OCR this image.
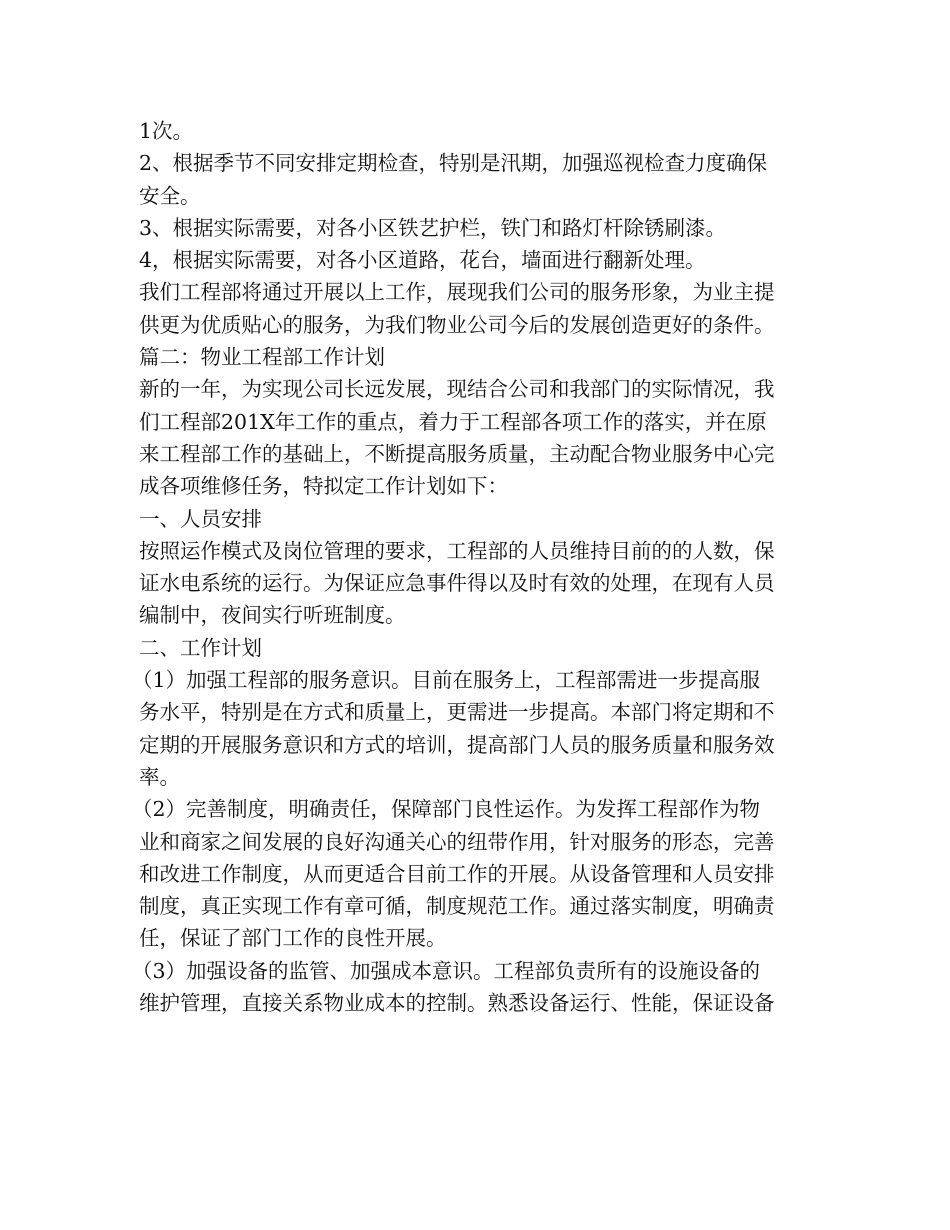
1次。
2、根据季节不同安排定期检查，特别是汛期，加强巡视检查力度确保
安全。
3、根据实际需要，对各小区铁艺护栏，铁门和路灯杆除锈刷漆。
4，根据实际需要，对各小区道路，花台，墙面进行翻新处理。
我们工程部将通过开展以上工作，展现我们公司的服务形象，为业主提
供更为优质贴心的服务，为我们物业公司今后的发展创造更好的条件。
篇二：物业工程部工作计划
新的一年，为实现公司长远发展，现结合公司和我部门的实际情况，我
们工程部201X年工作的重点，着力于工程部各项工作的落实，并在原
来工程部工作的基础上，不断提高服务质量，主动配合物业服务中心完
成各项维修任务，特拟定工作计划如下：
一、人员安排
按照运作模式及岗位管理的要求，工程部的人员维持目前的的人数，保
证水电系统的运行。为保证应急事件得以及时有效的处理，在现有人员
编制中，夜间实行听班制度。
二、工作计划
（1）加强工程部的服务意识。目前在服务上，工程部需进一步提高服
务水平，特别是在方式和质量上，更需进一步提高。本部门将定期和不
定期的开展服务意识和方式的培训，提高部门人员的服务质量和服务效
率。
（2）完善制度，明确责任，保障部门良性运作。为发挥工程部作为物
业和商家之间发展的良好沟通关心的纽带作用，针对服务的形态，完善
和改进工作制度，从而更适合目前工作的开展。从设备管理和人员安排
制度，真正实现工作有章可循，制度规范工作。通过落实制度，明确责
任，保证了部门工作的良性开展。
（3）加强设备的监管、加强成本意识。工程部负责所有的设施设备的
维护管理，直接关系物业成本的控制。熟悉设备运行、性能，保证设备
